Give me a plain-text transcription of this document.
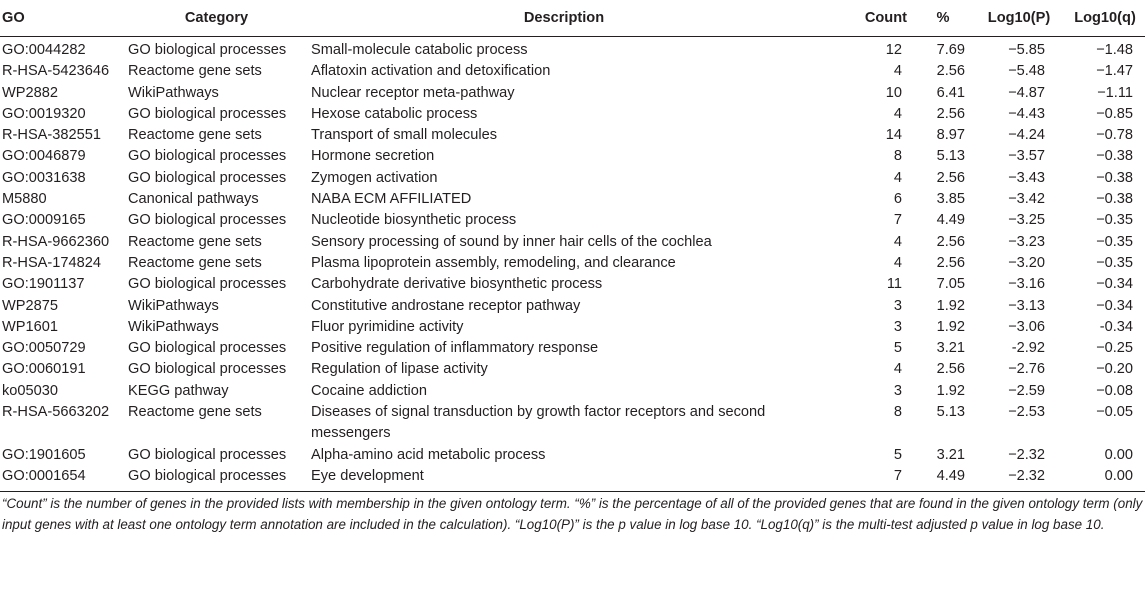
GO	Category	Description	Count	%	Log10(P)	Log10(q)
GO:0044282	GO biological processes	Small-molecule catabolic process	12	7.69	−5.85	−1.48
R-HSA-5423646	Reactome gene sets	Aflatoxin activation and detoxification	4	2.56	−5.48	−1.47
WP2882	WikiPathways	Nuclear receptor meta-pathway	10	6.41	−4.87	−1.11
GO:0019320	GO biological processes	Hexose catabolic process	4	2.56	−4.43	−0.85
R-HSA-382551	Reactome gene sets	Transport of small molecules	14	8.97	−4.24	−0.78
GO:0046879	GO biological processes	Hormone secretion	8	5.13	−3.57	−0.38
GO:0031638	GO biological processes	Zymogen activation	4	2.56	−3.43	−0.38
M5880	Canonical pathways	NABA ECM AFFILIATED	6	3.85	−3.42	−0.38
GO:0009165	GO biological processes	Nucleotide biosynthetic process	7	4.49	−3.25	−0.35
R-HSA-9662360	Reactome gene sets	Sensory processing of sound by inner hair cells of the cochlea	4	2.56	−3.23	−0.35
R-HSA-174824	Reactome gene sets	Plasma lipoprotein assembly, remodeling, and clearance	4	2.56	−3.20	−0.35
GO:1901137	GO biological processes	Carbohydrate derivative biosynthetic process	11	7.05	−3.16	−0.34
WP2875	WikiPathways	Constitutive androstane receptor pathway	3	1.92	−3.13	−0.34
WP1601	WikiPathways	Fluor pyrimidine activity	3	1.92	−3.06	-0.34
GO:0050729	GO biological processes	Positive regulation of inflammatory response	5	3.21	-2.92	−0.25
GO:0060191	GO biological processes	Regulation of lipase activity	4	2.56	−2.76	−0.20
ko05030	KEGG pathway	Cocaine addiction	3	1.92	−2.59	−0.08
R-HSA-5663202	Reactome gene sets	Diseases of signal transduction by growth factor receptors and second messengers	8	5.13	−2.53	−0.05
GO:1901605	GO biological processes	Alpha-amino acid metabolic process	5	3.21	−2.32	0.00
GO:0001654	GO biological processes	Eye development	7	4.49	−2.32	0.00
“Count” is the number of genes in the provided lists with membership in the given ontology term. “%” is the percentage of all of the provided genes that are found in the given ontology term (only input genes with at least one ontology term annotation are included in the calculation). “Log10(P)” is the p value in log base 10. “Log10(q)” is the multi-test adjusted p value in log base 10.						
